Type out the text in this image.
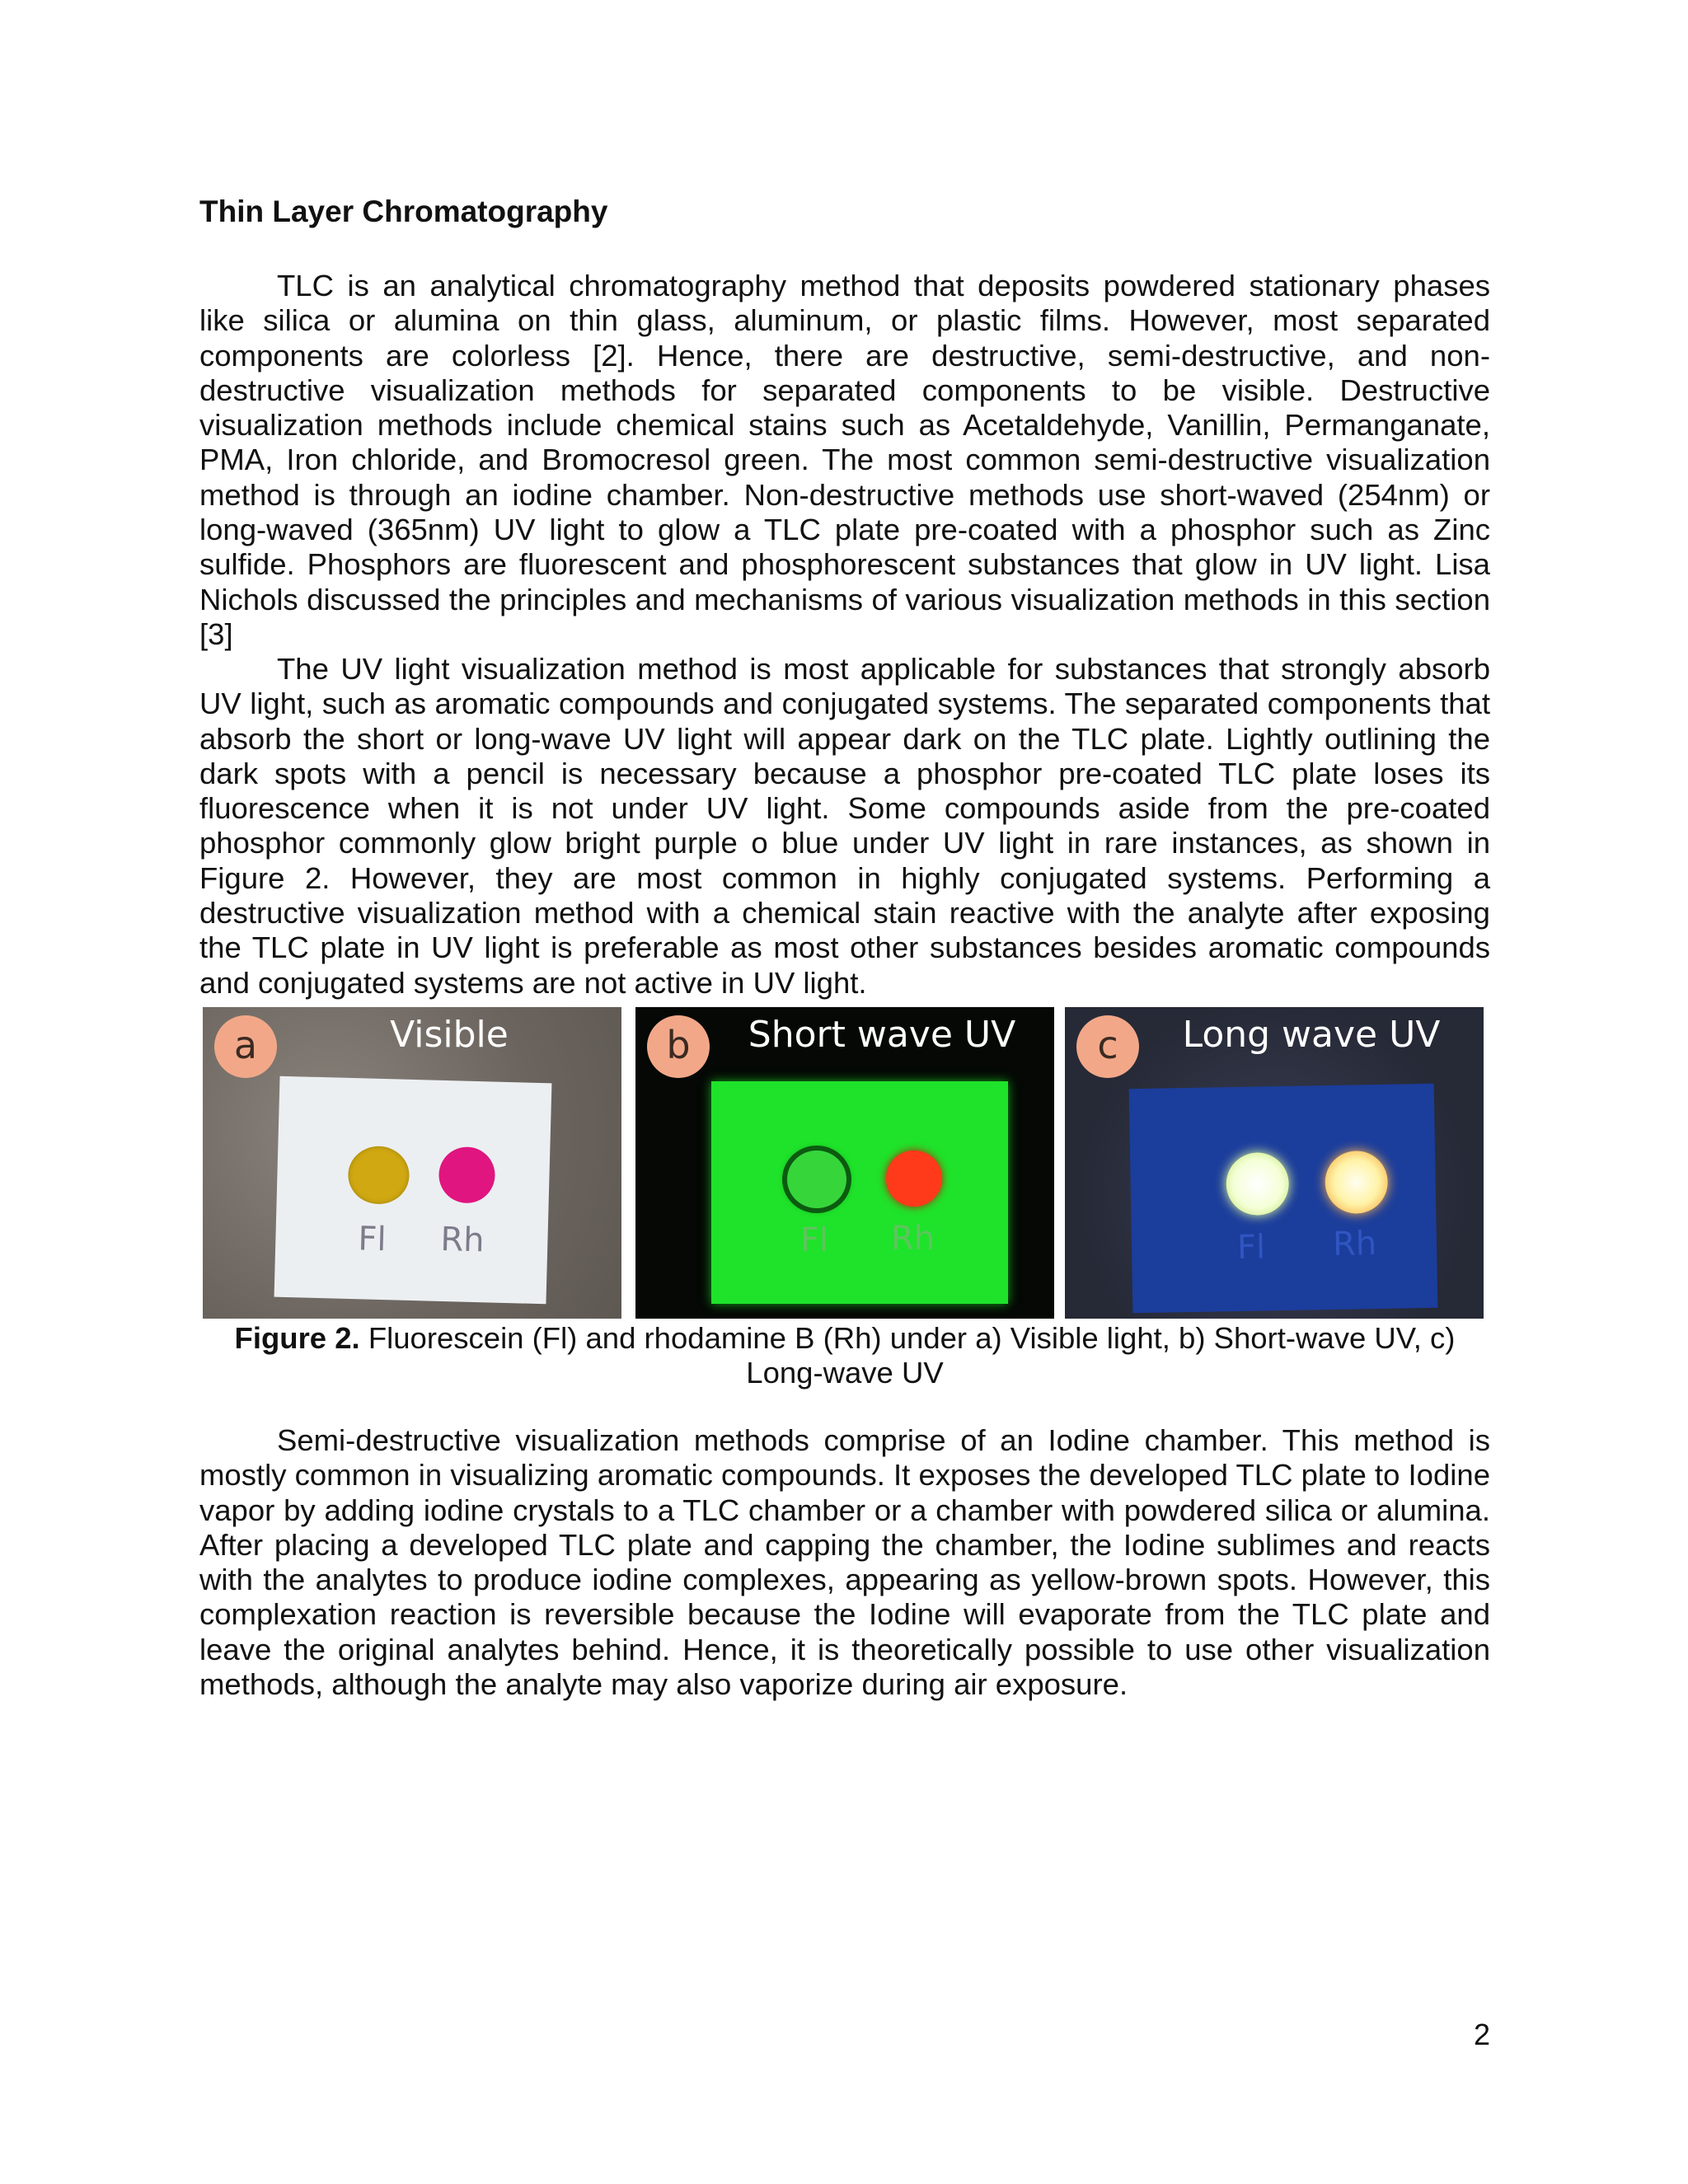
Thin Layer Chromatography

TLC is an analytical chromatography method that deposits powdered stationary phases like silica or alumina on thin glass, aluminum, or plastic films. However, most separated components are colorless [2]. Hence, there are destructive, semi-destructive, and non-destructive visualization methods for separated components to be visible. Destructive visualization methods include chemical stains such as Acetaldehyde, Vanillin, Permanganate, PMA, Iron chloride, and Bromocresol green. The most common semi-destructive visualization method is through an iodine chamber. Non-destructive methods use short-waved (254nm) or long-waved (365nm) UV light to glow a TLC plate pre-coated with a phosphor such as Zinc sulfide. Phosphors are fluorescent and phosphorescent substances that glow in UV light. Lisa Nichols discussed the principles and mechanisms of various visualization methods in this section [3]

The UV light visualization method is most applicable for substances that strongly absorb UV light, such as aromatic compounds and conjugated systems. The separated components that absorb the short or long-wave UV light will appear dark on the TLC plate. Lightly outlining the dark spots with a pencil is necessary because a phosphor pre-coated TLC plate loses its fluorescence when it is not under UV light. Some compounds aside from the pre-coated phosphor commonly glow bright purple o blue under UV light in rare instances, as shown in Figure 2. However, they are most common in highly conjugated systems. Performing a destructive visualization method with a chemical stain reactive with the analyte after exposing the TLC plate in UV light is preferable as most other substances besides aromatic compounds and conjugated systems are not active in UV light.

Fl Rh
a	Visible
Fl Rh
b	Short wave UV
Fl Rh
c	Long wave UV

Figure 2. Fluorescein (Fl) and rhodamine B (Rh) under a) Visible light, b) Short-wave UV, c) Long-wave UV

Semi-destructive visualization methods comprise of an Iodine chamber. This method is mostly common in visualizing aromatic compounds. It exposes the developed TLC plate to Iodine vapor by adding iodine crystals to a TLC chamber or a chamber with powdered silica or alumina. After placing a developed TLC plate and capping the chamber, the Iodine sublimes and reacts with the analytes to produce iodine complexes, appearing as yellow-brown spots. However, this complexation reaction is reversible because the Iodine will evaporate from the TLC plate and leave the original analytes behind. Hence, it is theoretically possible to use other visualization methods, although the analyte may also vaporize during air exposure.

2
